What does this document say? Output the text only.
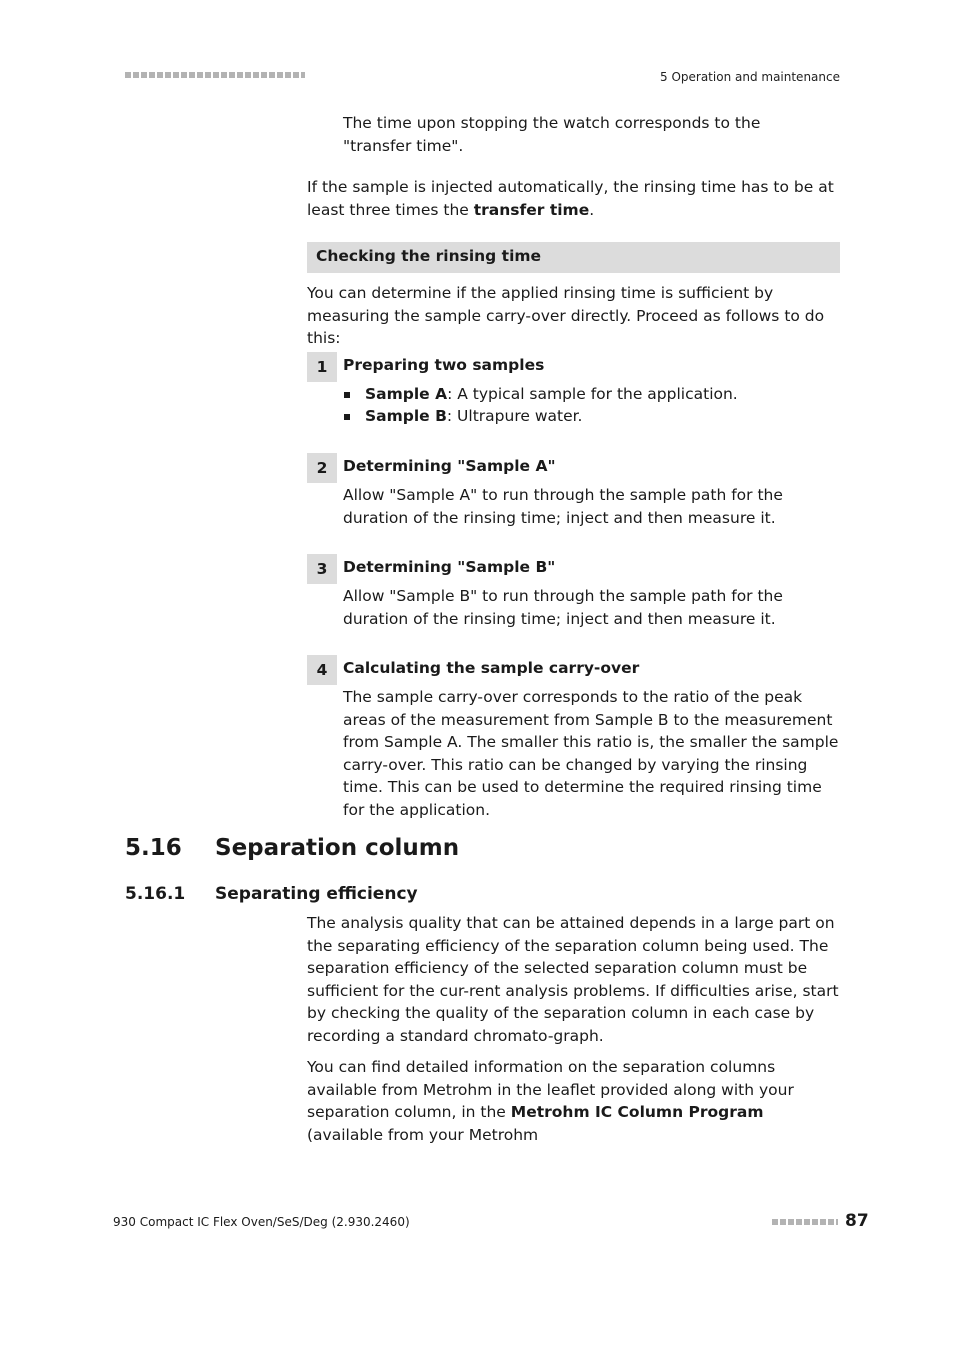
5 Operation and maintenance
The time upon stopping the watch corresponds to the "transfer time".
If the sample is injected automatically, the rinsing time has to be at least three times the transfer time.
Checking the rinsing time
You can determine if the applied rinsing time is sufficient by measuring the sample carry-over directly. Proceed as follows to do this:
1	Preparing two samples
Sample A: A typical sample for the application.
Sample B: Ultrapure water.
2	Determining "Sample A"
Allow "Sample A" to run through the sample path for the duration of the rinsing time; inject and then measure it.
3	Determining "Sample B"
Allow "Sample B" to run through the sample path for the duration of the rinsing time; inject and then measure it.
4	Calculating the sample carry-over
The sample carry-over corresponds to the ratio of the peak areas of the measurement from Sample B to the measurement from Sample A. The smaller this ratio is, the smaller the sample carry-over. This ratio can be changed by varying the rinsing time. This can be used to determine the required rinsing time for the application.
5.16 Separation column
5.16.1 Separating efficiency
The analysis quality that can be attained depends in a large part on the separating efficiency of the separation column being used. The separation efficiency of the selected separation column must be sufficient for the cur-rent analysis problems. If difficulties arise, start by checking the quality of the separation column in each case by recording a standard chromato-graph.
You can find detailed information on the separation columns available from Metrohm in the leaflet provided along with your separation column, in the Metrohm IC Column Program (available from your Metrohm
930 Compact IC Flex Oven/SeS/Deg (2.930.2460)	87
